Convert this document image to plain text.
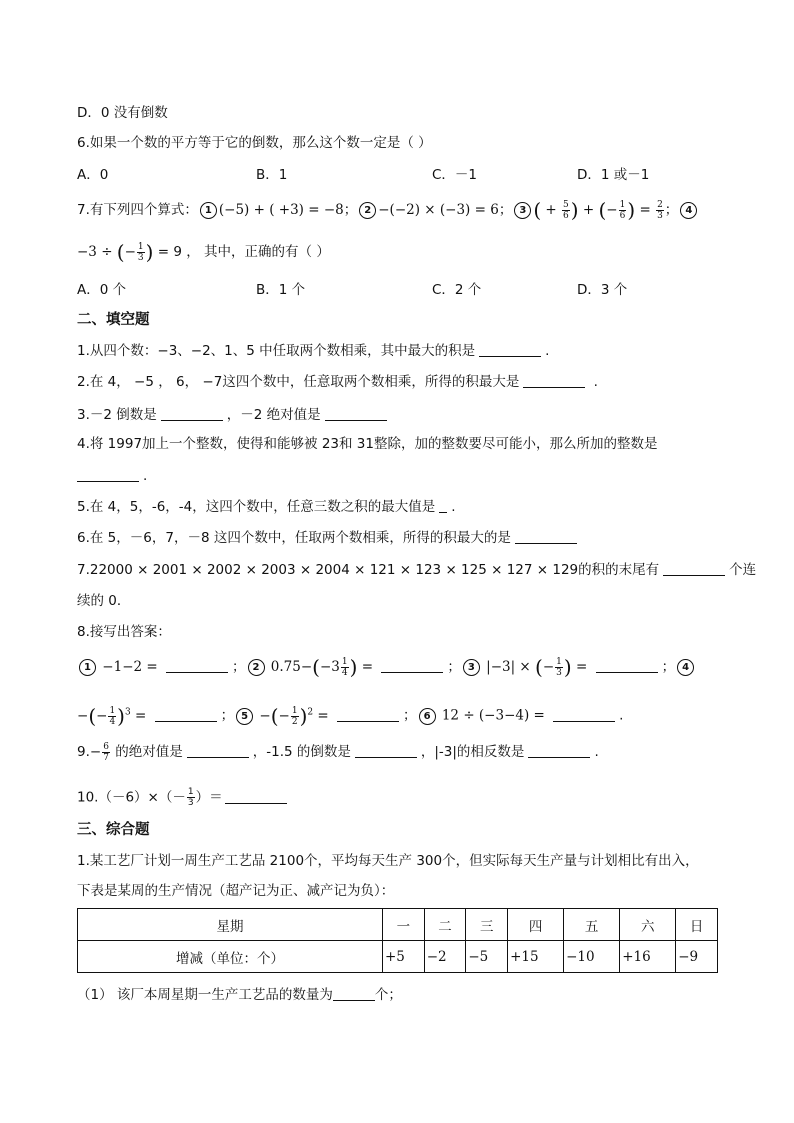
D．0 没有倒数
6.如果一个数的平方等于它的倒数，那么这个数一定是（ ）
A．0	B．1	C．－1	D．1 或－1
7.有下列四个算式： 1 (−5) + ( +3) = −8； 2 −(−2) × (−3) = 6； 3 ( + $\frac{5}{6}$ ) + (− $\frac{1}{6}$ ) = $\frac{2}{3}$ ； 4
−3 ÷ (− $\frac{1}{3}$ ) = 9 ， 其中，正确的有（ ）
A．0 个	B．1 个	C．2 个	D．3 个
二、填空题
1.从四个数：−3、−2、1、5 中任取两个数相乘，其中最大的积是	.
2.在 4， −5 ， 6， −7这四个数中，任意取两个数相乘，所得的积最大是	.
3.－2 倒数是	，－2 绝对值是
4.将 1997加上一个整数，使得和能够被 23和 31整除，加的整数要尽可能小，那么所加的整数是
.
5.在 4，5，-6，-4，这四个数中，任意三数之积的最大值是 .
6.在 5，－6，7，－8 这四个数中，任取两个数相乘，所得的积最大的是
7.22000 × 2001 × 2002 × 2003 × 2004 × 121 × 123 × 125 × 127 × 129的积的末尾有	个连
续的 0．
8.接写出答案：
1 −1−2 =	； 2 $0.75-(-3 \frac{1}{4}$ ) =	； 3 |−3| × (− $\frac{1}{3}$ ) =	； 4
−(− $\frac{1}{4} )^3$ =	； 5 −(− $\frac{1}{2} )^2$ =	； 6 12 ÷ (−3−4) =	.
$9.- \frac{6}{7}$ 的绝对值是	，-1.5 的倒数是	，|-3|的相反数是	.
$10.(-6)\times(- \frac{1}{3}$ ）＝
三、综合题
1.某工艺厂计划一周生产工艺品 2100个，平均每天生产 300个，但实际每天生产量与计划相比有出入，
下表是某周的生产情况（超产记为正、减产记为负）：
星期	一	二	三	四	五	六	日
增减（单位：个）	+5	−2	−5	+15	−10	+16	−9
（1） 该厂本周星期一生产工艺品的数量为	个；
